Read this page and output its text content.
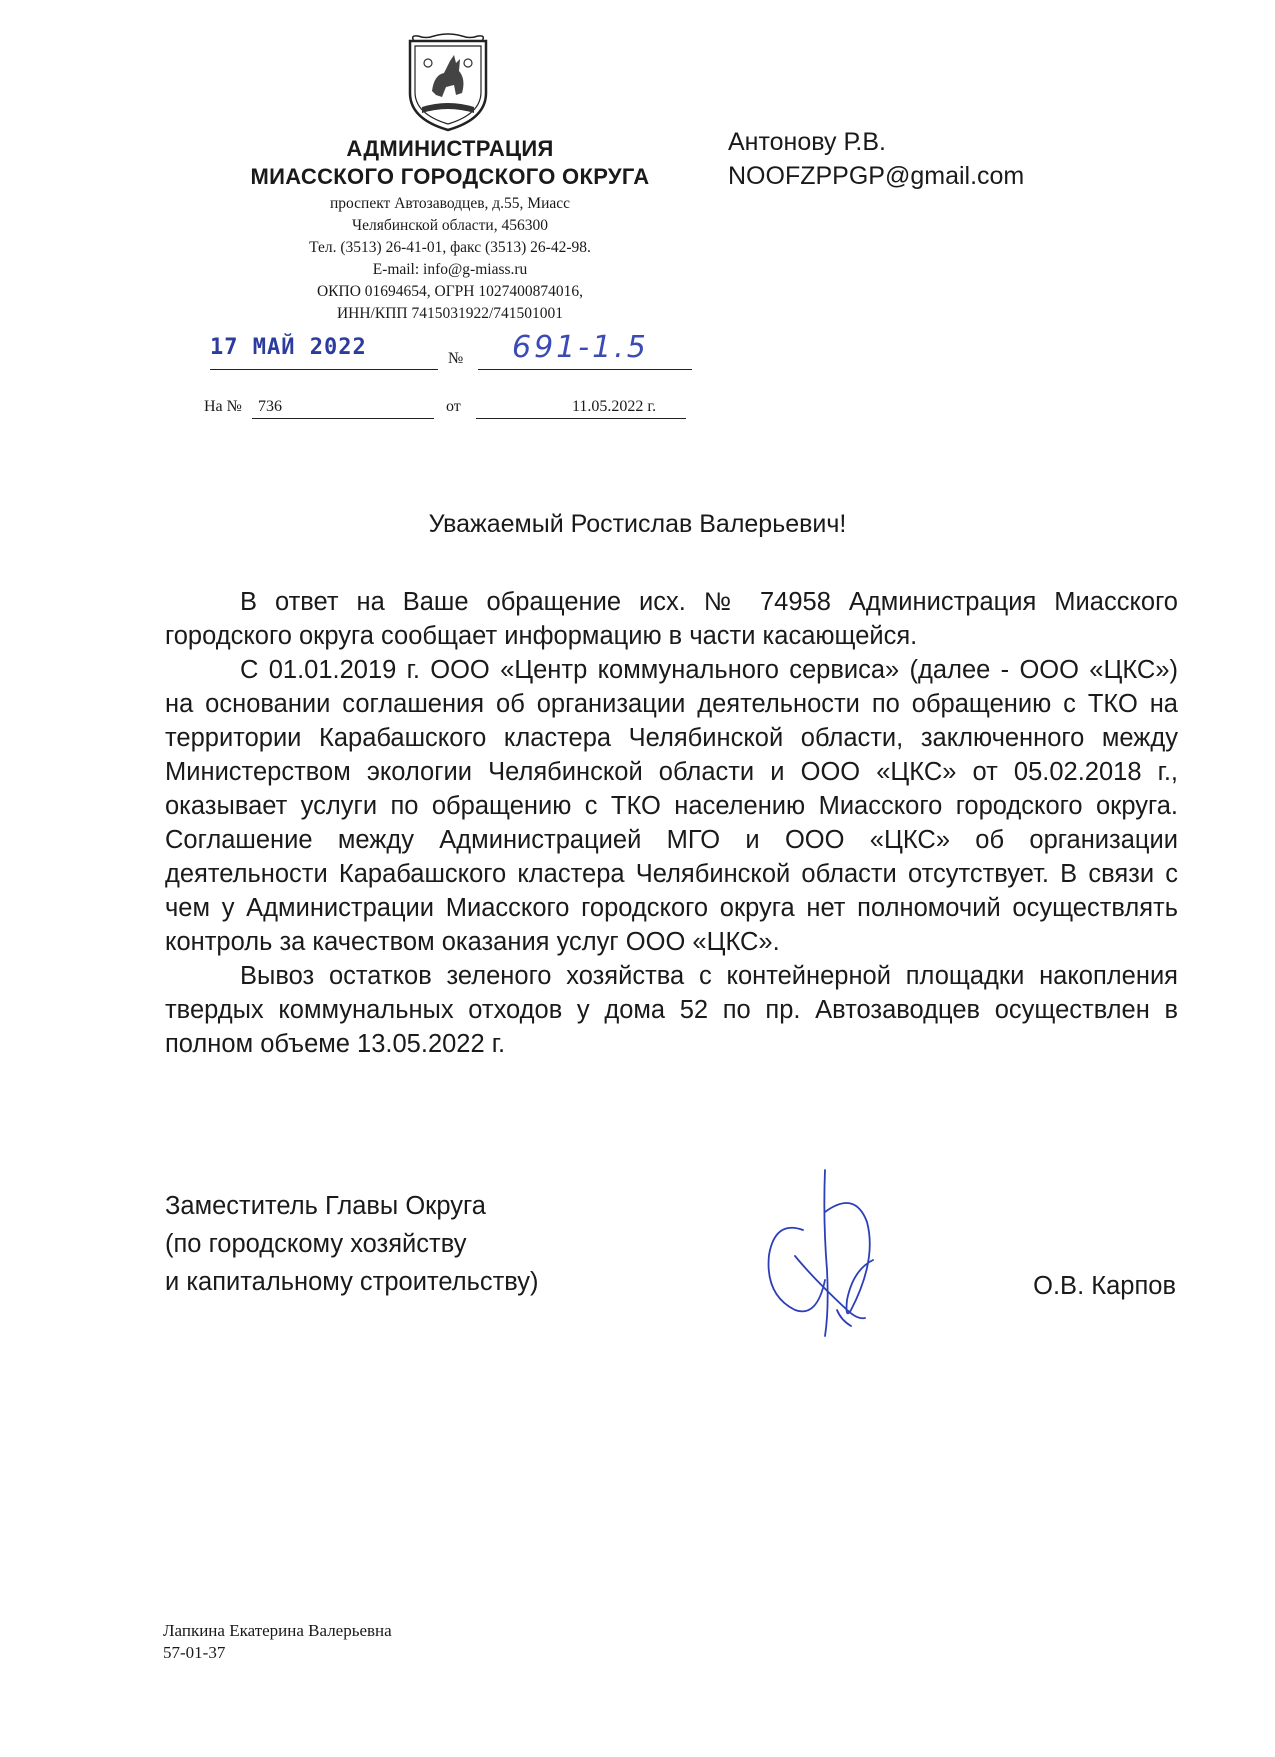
АДМИНИСТРАЦИЯ
МИАССКОГО ГОРОДСКОГО ОКРУГА
проспект Автозаводцев, д.55, Миасс
Челябинской области, 456300
Тел. (3513) 26-41-01, факс (3513) 26-42-98.
E-mail: info@g-miass.ru
ОКПО 01694654, ОГРН 1027400874016,
ИНН/КПП 7415031922/741501001
Антонову Р.В.
NOOFZPPGP@gmail.com
17 МАЙ 2022	№ 691-1.5
На № 736	от	11.05.2022 г.
Уважаемый Ростислав Валерьевич!

В ответ на Ваше обращение исх. № 74958 Администрация Миасского городского округа сообщает информацию в части касающейся.

С 01.01.2019 г. ООО «Центр коммунального сервиса» (далее - ООО «ЦКС») на основании соглашения об организации деятельности по обращению с ТКО на территории Карабашского кластера Челябинской области, заключенного между Министерством экологии Челябинской области и ООО «ЦКС» от 05.02.2018 г., оказывает услуги по обращению с ТКО населению Миасского городского округа. Соглашение между Администрацией МГО и ООО «ЦКС» об организации деятельности Карабашского кластера Челябинской области отсутствует. В связи с чем у Администрации Миасского городского округа нет полномочий осуществлять контроль за качеством оказания услуг ООО «ЦКС».

Вывоз остатков зеленого хозяйства с контейнерной площадки накопления твердых коммунальных отходов у дома 52 по пр. Автозаводцев осуществлен в полном объеме 13.05.2022 г.

Заместитель Главы Округа
(по городскому хозяйству
и капитальному строительству)	О.В. Карпов
Лапкина Екатерина Валерьевна
57-01-37
